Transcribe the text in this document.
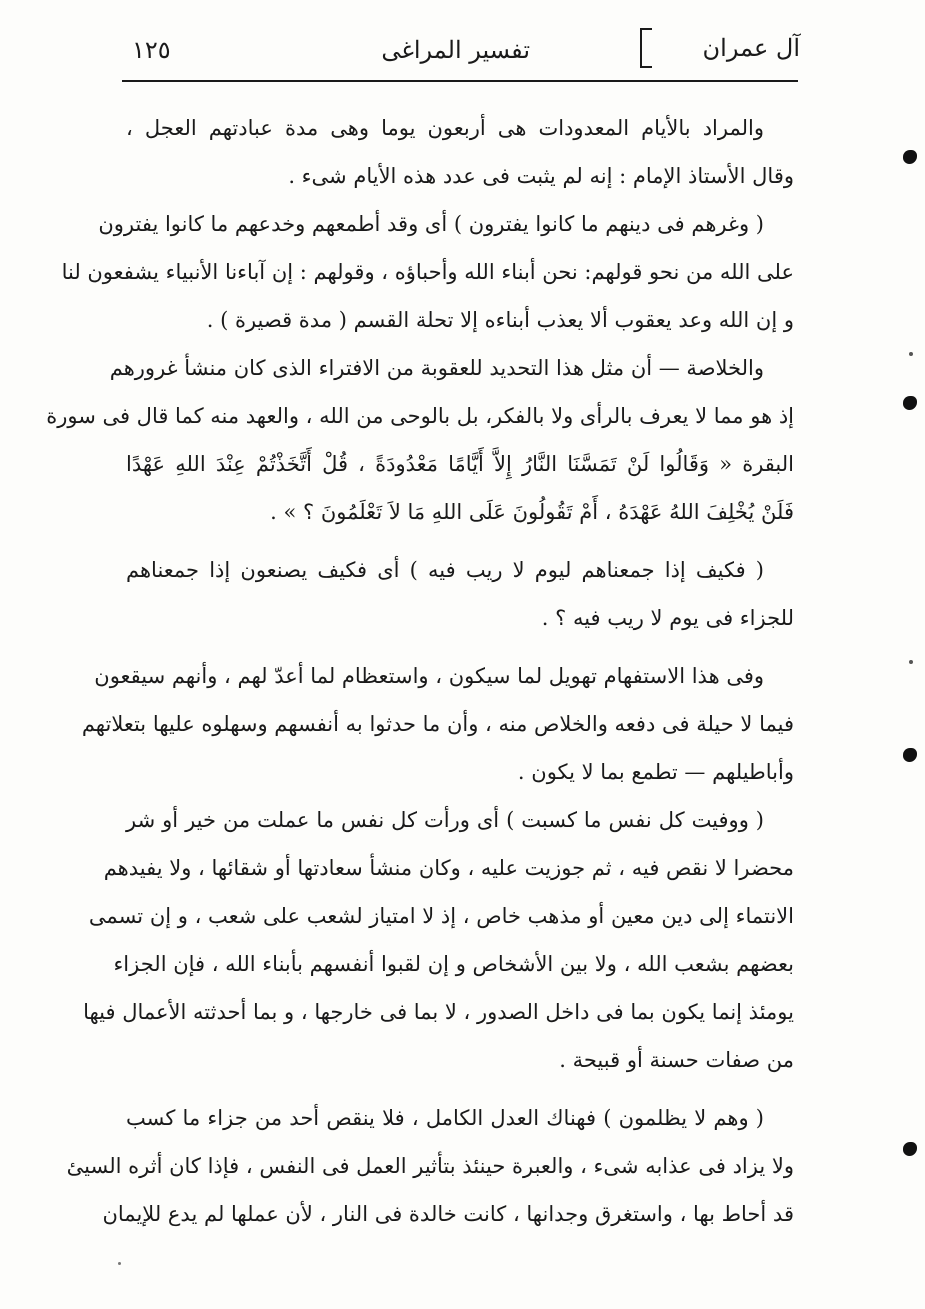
آل عمران
تفسير المراغى
١٢٥
والمراد بالأيام المعدودات هى أربعون يوما وهى مدة عبادتهم العجل ،
وقال الأستاذ الإمام : إنه لم يثبت فى عدد هذه الأيام شىء .
( وغرهم فى دينهم ما كانوا يفترون ) أى وقد أطمعهم وخدعهم ما كانوا يفترون
على الله من نحو قولهم: نحن أبناء الله وأحباؤه ، وقولهم : إن آباءنا الأنبياء يشفعون لنا
و إن الله وعد يعقوب ألا يعذب أبناءه إلا تحلة القسم ( مدة قصيرة ) .
والخلاصة — أن مثل هذا التحديد للعقوبة من الافتراء الذى كان منشأ غرورهم
إذ هو مما لا يعرف بالرأى ولا بالفكر، بل بالوحى من الله ، والعهد منه كما قال فى سورة
البقرة « وَقَالُوا لَنْ تَمَسَّنَا النَّارُ إِلاَّ أَيَّامًا مَعْدُودَةً ، قُلْ أَتَّخَذْتُمْ عِنْدَ اللهِ عَهْدًا
فَلَنْ يُخْلِفَ اللهُ عَهْدَهُ ، أَمْ تَقُولُونَ عَلَى اللهِ مَا لاَ تَعْلَمُونَ ؟ » .
( فكيف إذا جمعناهم ليوم لا ريب فيه ) أى فكيف يصنعون إذا جمعناهم
للجزاء فى يوم لا ريب فيه ؟ .
وفى هذا الاستفهام تهويل لما سيكون ، واستعظام لما أعدّ لهم ، وأنهم سيقعون
فيما لا حيلة فى دفعه والخلاص منه ، وأن ما حدثوا به أنفسهم وسهلوه عليها بتعلاتهم
وأباطيلهم — تطمع بما لا يكون .
( ووفيت كل نفس ما كسبت ) أى ورأت كل نفس ما عملت من خير أو شر
محضرا لا نقص فيه ، ثم جوزيت عليه ، وكان منشأ سعادتها أو شقائها ، ولا يفيدهم
الانتماء إلى دين معين أو مذهب خاص ، إذ لا امتياز لشعب على شعب ، و إن تسمى
بعضهم بشعب الله ، ولا بين الأشخاص و إن لقبوا أنفسهم بأبناء الله ، فإن الجزاء
يومئذ إنما يكون بما فى داخل الصدور ، لا بما فى خارجها ، و بما أحدثته الأعمال فيها
من صفات حسنة أو قبيحة .
( وهم لا يظلمون ) فهناك العدل الكامل ، فلا ينقص أحد من جزاء ما كسب
ولا يزاد فى عذابه شىء ، والعبرة حينئذ بتأثير العمل فى النفس ، فإذا كان أثره السيئ
قد أحاط بها ، واستغرق وجدانها ، كانت خالدة فى النار ، لأن عملها لم يدع للإيمان
